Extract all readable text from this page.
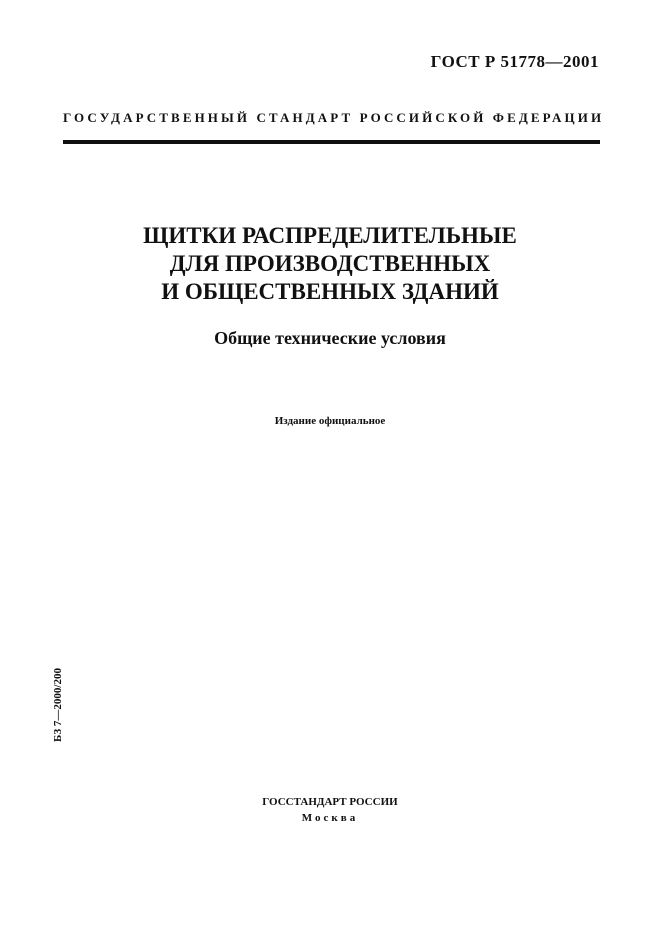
ГОСТ Р 51778—2001
ГОСУДАРСТВЕННЫЙ СТАНДАРТ РОССИЙСКОЙ ФЕДЕРАЦИИ
ЩИТКИ РАСПРЕДЕЛИТЕЛЬНЫЕ
ДЛЯ ПРОИЗВОДСТВЕННЫХ
И ОБЩЕСТВЕННЫХ ЗДАНИЙ
Общие технические условия
Издание официальное
БЗ 7—2000/200
ГОССТАНДАРТ РОССИИ
Москва
